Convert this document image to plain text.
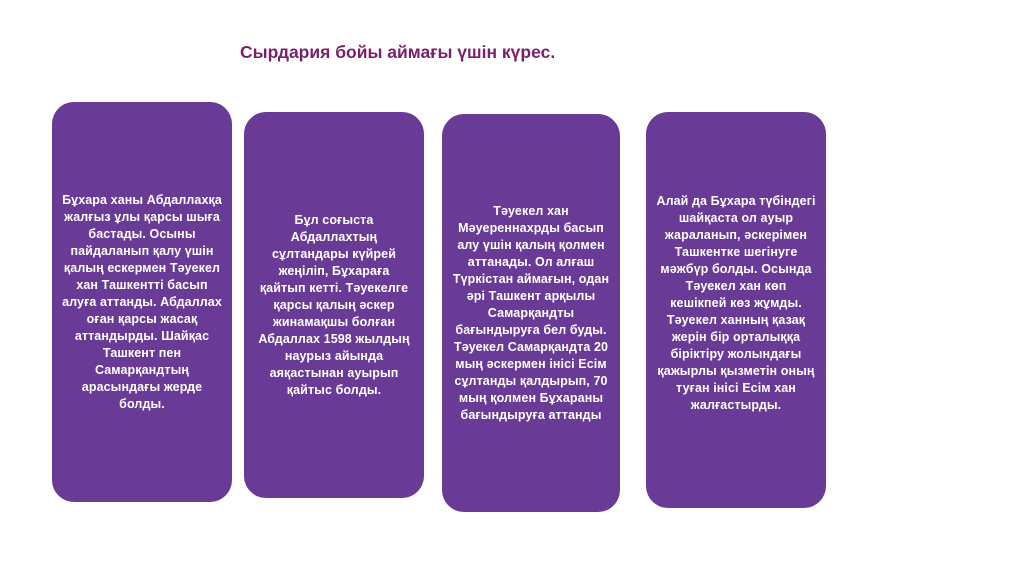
Сырдария бойы аймағы үшін күрес.
Бұхара ханы Абдаллахқа жалғыз ұлы қарсы шыға бастады. Осыны пайдаланып қалу үшін қалың ескермен Тәуекел хан Ташкентті басып алуға аттанды. Абдаллах оған қарсы жасақ аттандырды. Шайқас Ташкент пен Самарқандтың арасындағы жерде болды.
Бұл соғыста Абдаллахтың сұлтандары күйрей жеңіліп, Бұхараға қайтып кетті. Тәуекелге қарсы қалың әскер жинамақшы болған Абдаллах 1598 жылдың наурыз айында аяқастынан ауырып қайтыс болды.
Тәуекел хан Мәуереннахрды басып алу үшін қалың қолмен аттанады. Ол алғаш Түркістан аймағын, одан әрі Ташкент арқылы Самарқандты бағындыруға бел буды. Тәуекел Самарқандта 20 мың әскермен інісі Есім сұлтанды қалдырып, 70 мың қолмен Бұхараны бағындыруға аттанды
Алай да Бұхара түбіндегі шайқаста ол ауыр жараланып, әскерімен Ташкентке шегінуге мәжбүр болды. Осында Тәуекел хан көп кешікпей көз жұмды. Тәуекел ханның қазақ жерін бір орталыққа біріктіру жолындағы қажырлы қызметін оның туған інісі Есім хан жалғастырды.
